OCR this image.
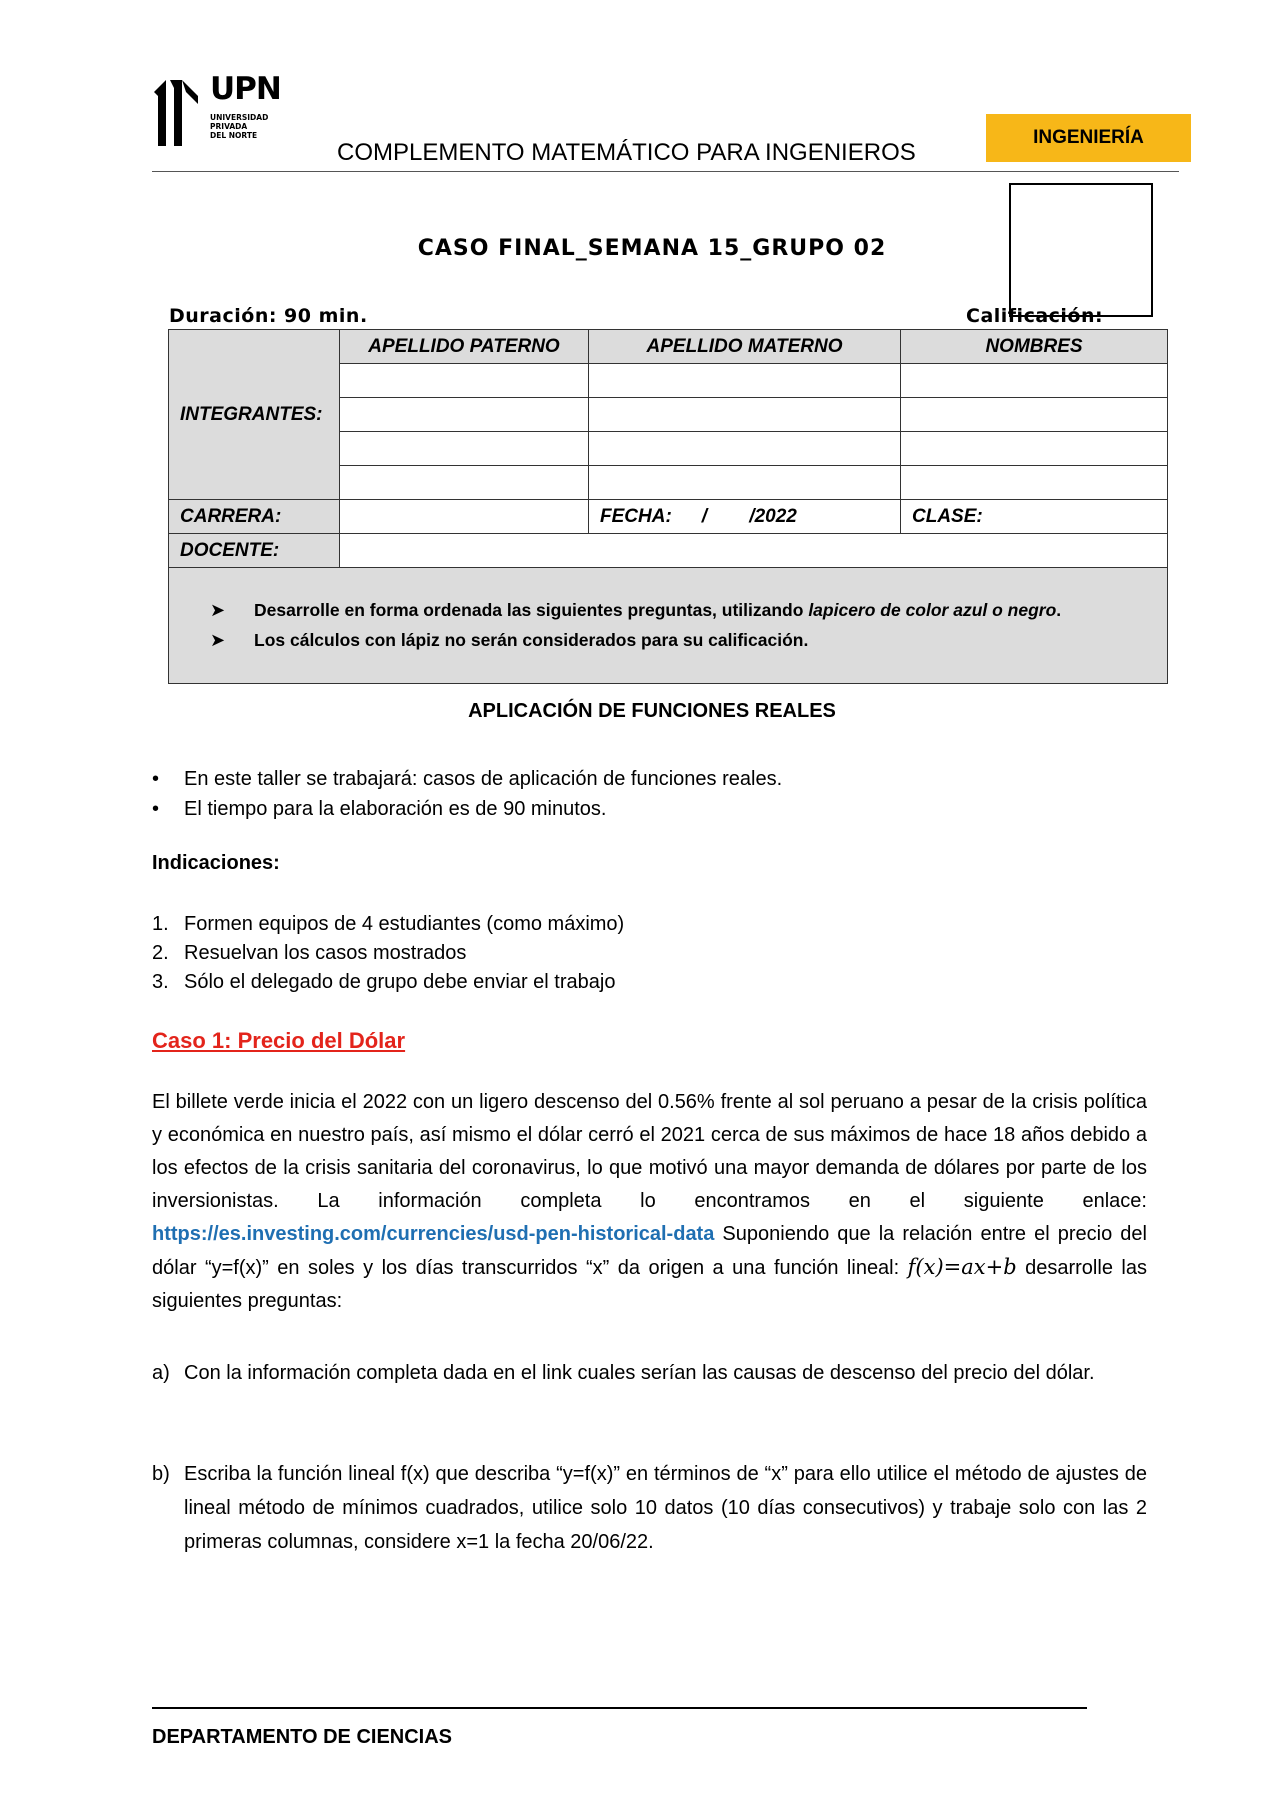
UPN
UNIVERSIDAD
PRIVADA
DEL NORTE
COMPLEMENTO MATEMÁTICO PARA INGENIEROS
INGENIERÍA
CASO FINAL_SEMANA 15_GRUPO 02
Duración: 90 min.	Calificación:
INTEGRANTES:	APELLIDO PATERNO	APELLIDO MATERNO	NOMBRES

CARRERA:		FECHA: /        /2022	CLASE:
DOCENTE:			

➤ Desarrolle en forma ordenada las siguientes preguntas, utilizando lapicero de color azul o negro.
➤ Los cálculos con lápiz no serán considerados para su calificación.			
APLICACIÓN DE FUNCIONES REALES
•	En este taller se trabajará: casos de aplicación de funciones reales.
•	El tiempo para la elaboración es de 90 minutos.
Indicaciones:
1. Formen equipos de 4 estudiantes (como máximo)
2. Resuelvan los casos mostrados
3. Sólo el delegado de grupo debe enviar el trabajo
Caso 1: Precio del Dólar
El billete verde inicia el 2022 con un ligero descenso del 0.56% frente al sol peruano a pesar de la crisis política y económica en nuestro país, así mismo el dólar cerró el 2021 cerca de sus máximos de hace 18 años debido a los efectos de la crisis sanitaria del coronavirus, lo que motivó una mayor demanda de dólares por parte de los inversionistas. La información completa lo encontramos en el siguiente enlace: https://es.investing.com/currencies/usd-pen-historical-data Suponiendo que la relación entre el precio del dólar “y=f(x)” en soles y los días transcurridos “x” da origen a una función lineal: f(x)=ax+b desarrolle las siguientes preguntas:
a) Con la información completa dada en el link cuales serían las causas de descenso del precio del dólar.
b) Escriba la función lineal f(x) que describa “y=f(x)” en términos de “x” para ello utilice el método de ajustes de lineal método de mínimos cuadrados, utilice solo 10 datos (10 días consecutivos) y trabaje solo con las 2 primeras columnas, considere x=1 la fecha 20/06/22.
DEPARTAMENTO DE CIENCIAS
